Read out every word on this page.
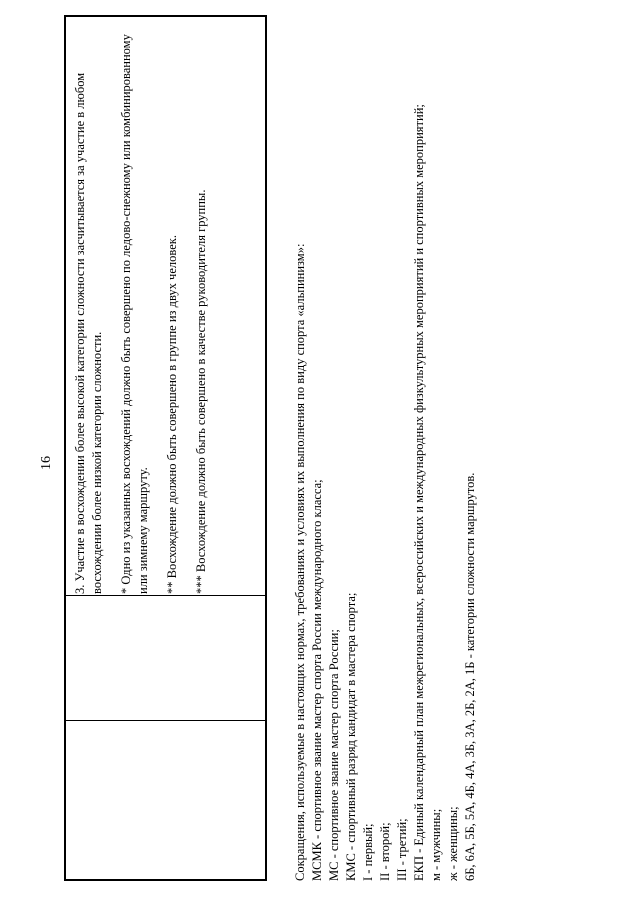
16 3. Участие в восхождении более высокой категории сложности засчитывается за участие в любом восхождении более низкой категории сложности. * Одно из указанных восхождений должно быть совершено по ледово-снежному или комбинированному или зимнему маршруту. ** Восхождение должно быть совершено в группе из двух человек. *** Восхождение должно быть совершено в качестве руководителя группы.	Сокращения, используемые в настоящих нормах, требованиях и условиях их выполнения по виду спорта «альпинизм»: МСМК - спортивное звание мастер спорта России международного класса; МС - спортивное звание мастер спорта России; КМС - спортивный разряд кандидат в мастера спорта; I - первый; II - второй; III - третий; ЕКП - Единый календарный план межрегиональных, всероссийских и международных физкультурных мероприятий и спортивных мероприятий; м - мужчины; ж - женщины; 6Б, 6А, 5Б, 5А, 4Б, 4А, 3Б, 3А, 2Б, 2А, 1Б - категории сложности маршрутов.
